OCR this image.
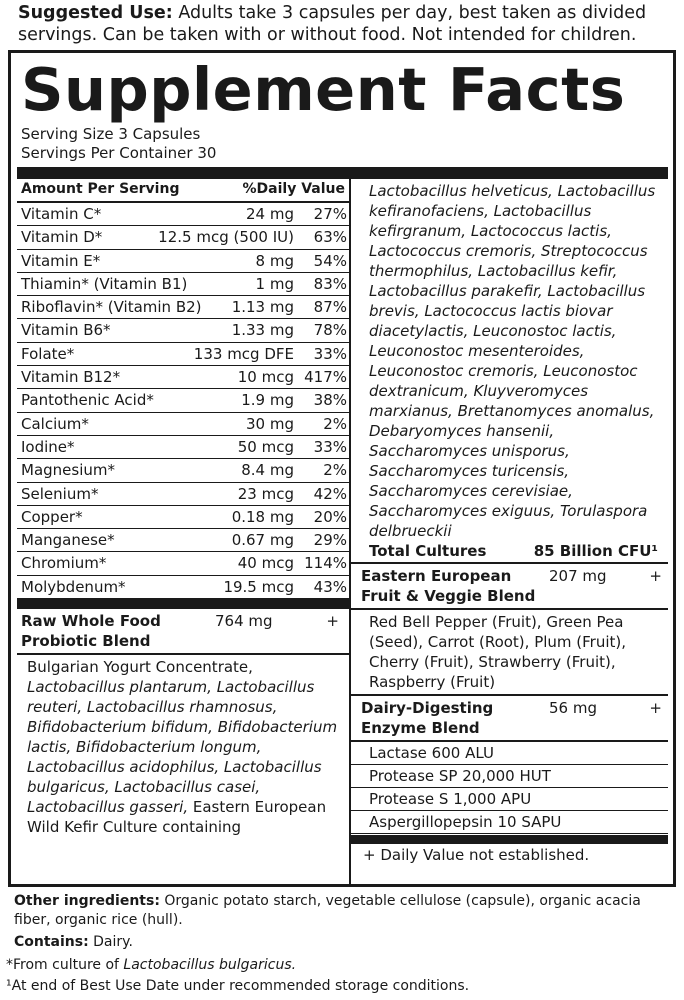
Suggested Use: Adults take 3 capsules per day, best taken as divided servings. Can be taken with or without food. Not intended for children.
Supplement Facts
Serving Size 3 Capsules
Servings Per Container 30
Amount Per Serving	%Daily Value
Vitamin C*	24 mg 27%
Vitamin D*	12.5 mcg (500 IU) 63%
Vitamin E*	8 mg 54%
Thiamin* (Vitamin B1)	1 mg 83%
Riboflavin* (Vitamin B2) 1.13 mg 87%
Vitamin B6*	1.33 mg 78%
Folate*	133 mcg DFE 33%
Vitamin B12*	10 mcg 417%
Pantothenic Acid*	1.9 mg 38%
Calcium*	30 mg 2%
Iodine*	50 mcg 33%
Magnesium*	8.4 mg 2%
Selenium*	23 mcg 42%
Copper*	0.18 mg 20%
Manganese*	0.67 mg 29%
Chromium*	40 mcg 114%
Molybdenum*	19.5 mcg 43%
Raw Whole Food
Probiotic Blend
764 mg	+
Bulgarian Yogurt Concentrate, Lactobacillus plantarum, Lactobacillus reuteri, Lactobacillus rhamnosus, Bifidobacterium bifidum, Bifidobacterium lactis, Bifidobacterium longum, Lactobacillus acidophilus, Lactobacillus bulgaricus, Lactobacillus casei, Lactobacillus gasseri, Eastern European Wild Kefir Culture containing
Lactobacillus helveticus, Lactobacillus kefiranofaciens, Lactobacillus kefirgranum, Lactococcus lactis, Lactococcus cremoris, Streptococcus thermophilus, Lactobacillus kefir, Lactobacillus parakefir, Lactobacillus brevis, Lactococcus lactis biovar diacetylactis, Leuconostoc lactis, Leuconostoc mesenteroides, Leuconostoc cremoris, Leuconostoc dextranicum, Kluyveromyces marxianus, Brettanomyces anomalus, Debaryomyces hansenii, Saccharomyces unisporus, Saccharomyces turicensis, Saccharomyces cerevisiae, Saccharomyces exiguus, Torulaspora delbrueckii
Total Cultures	85 Billion CFU¹
Eastern European
Fruit & Veggie Blend
207 mg	+
Red Bell Pepper (Fruit), Green Pea (Seed), Carrot (Root), Plum (Fruit), Cherry (Fruit), Strawberry (Fruit), Raspberry (Fruit)
Dairy-Digesting
Enzyme Blend
56 mg	+
Lactase 600 ALU
Protease SP 20,000 HUT
Protease S 1,000 APU
Aspergillopepsin 10 SAPU
+ Daily Value not established.
Other ingredients: Organic potato starch, vegetable cellulose (capsule), organic acacia fiber, organic rice (hull).
Contains: Dairy.
*From culture of Lactobacillus bulgaricus.
¹At end of Best Use Date under recommended storage conditions.
